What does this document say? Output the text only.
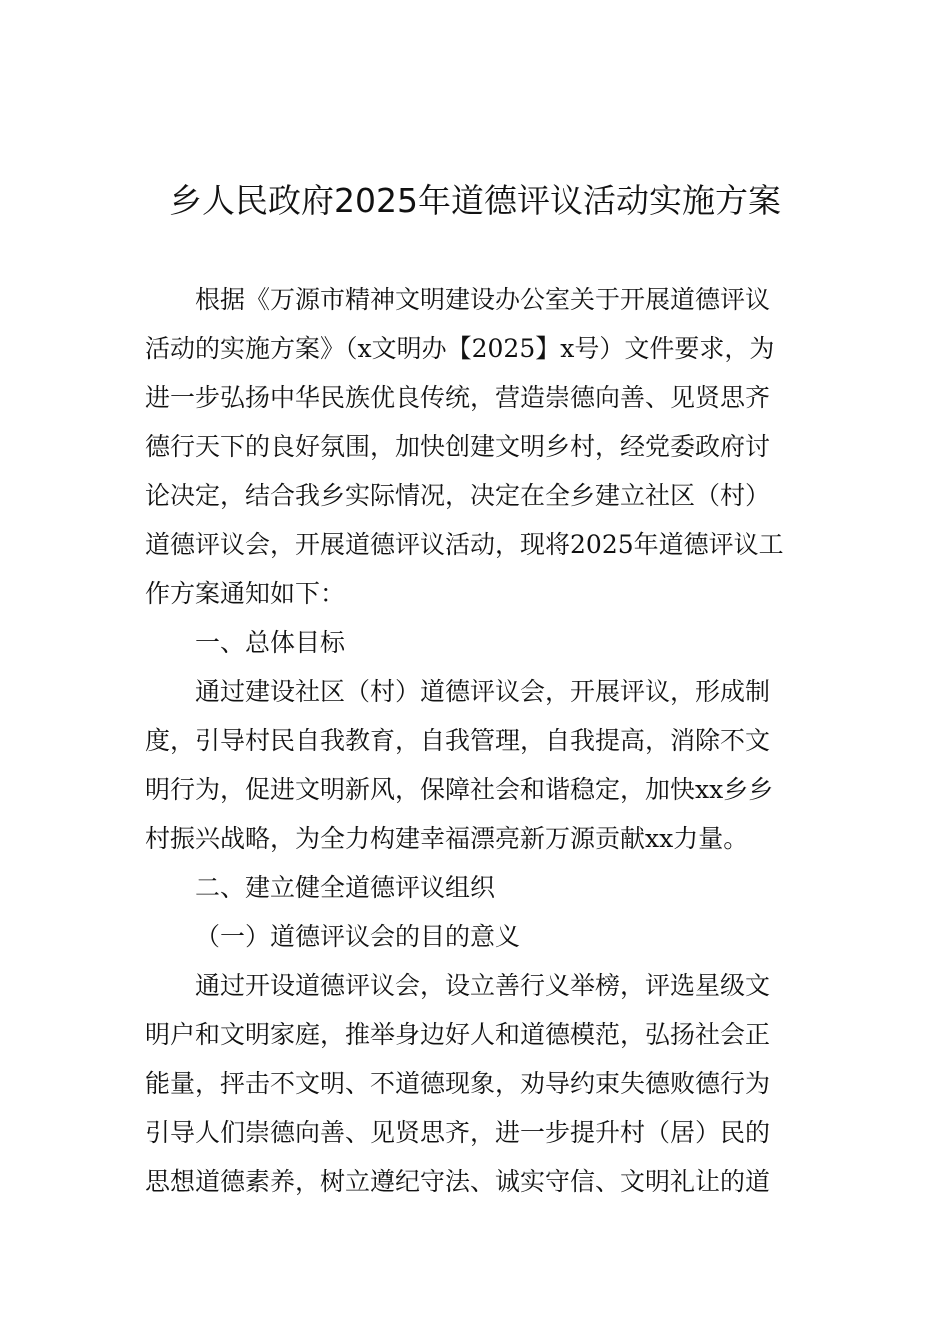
乡人民政府2025年道德评议活动实施方案

根据《万源市精神文明建设办公室关于开展道德评议

活动的实施方案》（x文明办【2025】x号）文件要求，为

进一步弘扬中华民族优良传统，营造崇德向善、见贤思齐

德行天下的良好氛围，加快创建文明乡村，经党委政府讨

论决定，结合我乡实际情况，决定在全乡建立社区（村）

道德评议会，开展道德评议活动，现将2025年道德评议工

作方案通知如下：

一、总体目标

通过建设社区（村）道德评议会，开展评议，形成制

度，引导村民自我教育，自我管理，自我提高，消除不文

明行为，促进文明新风，保障社会和谐稳定，加快xx乡乡

村振兴战略，为全力构建幸福漂亮新万源贡献xx力量。

二、建立健全道德评议组织

（一）道德评议会的目的意义

通过开设道德评议会，设立善行义举榜，评选星级文

明户和文明家庭，推举身边好人和道德模范，弘扬社会正

能量，抨击不文明、不道德现象，劝导约束失德败德行为

引导人们崇德向善、见贤思齐，进一步提升村（居）民的

思想道德素养，树立遵纪守法、诚实守信、文明礼让的道
